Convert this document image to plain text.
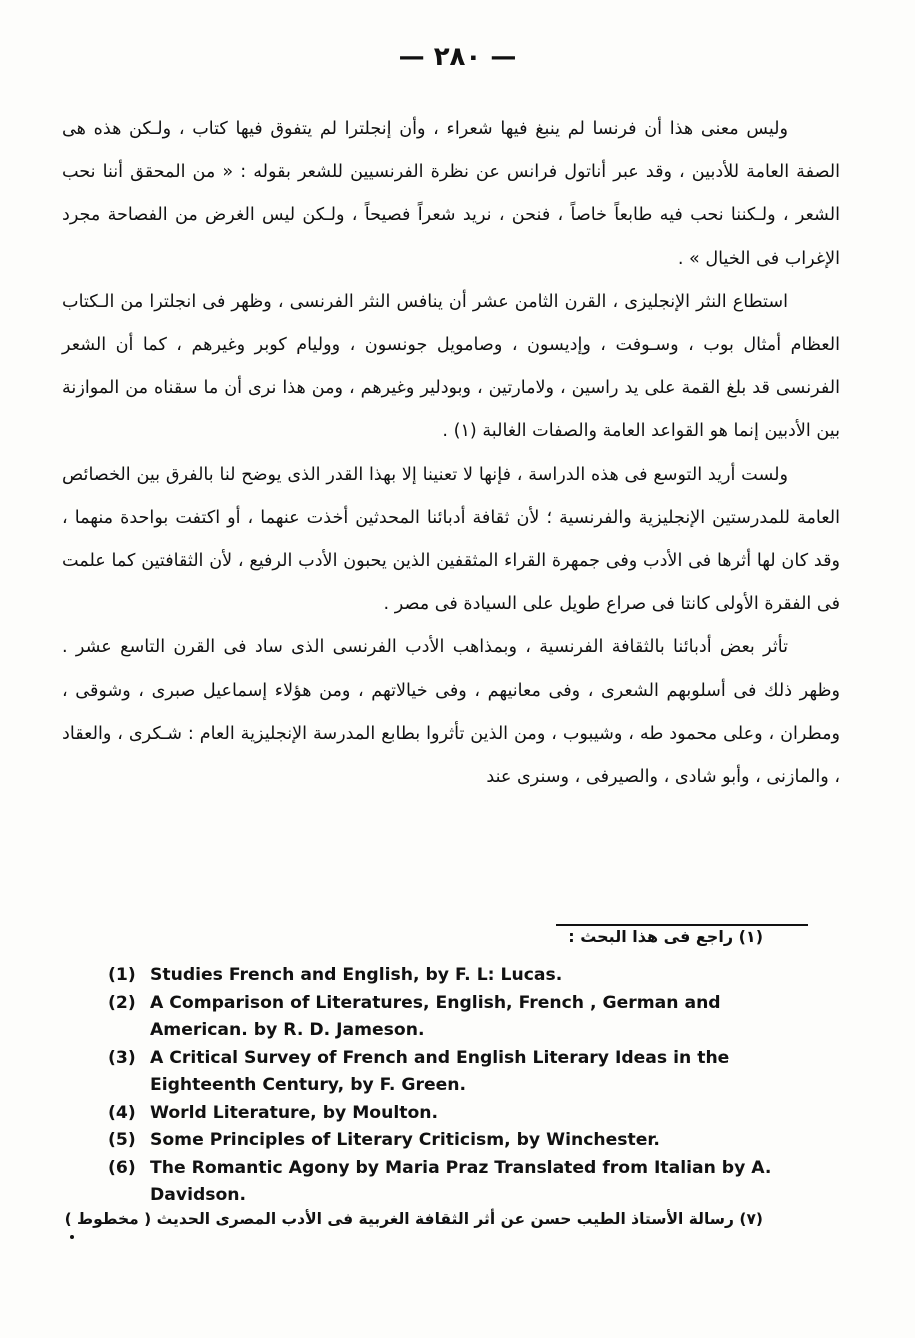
— ٢٨٠ —

وليس معنى هذا أن فرنسا لم ينبغ فيها شعراء ، وأن إنجلترا لم يتفوق فيها كتاب ، ولـكن هذه هى الصفة العامة للأدبين ، وقد عبر أناتول فرانس عن نظرة الفرنسيين للشعر بقوله : « من المحقق أننا نحب الشعر ، ولـكننا نحب فيه طابعاً خاصاً ، فنحن ، نريد شعراً فصيحاً ، ولـكن ليس الغرض من الفصاحة مجرد الإغراب فى الخيال » .

استطاع النثر الإنجليزى ، القرن الثامن عشر أن ينافس النثر الفرنسى ، وظهر فى انجلترا من الـكتاب العظام أمثال بوب ، وسـوفت ، وإديسون ، وصامويل جونسون ، ووليام كوبر وغيرهم ، كما أن الشعر الفرنسى قد بلغ القمة على يد راسين ، ولامارتين ، وبودلير وغيرهم ، ومن هذا نرى أن ما سقناه من الموازنة بين الأدبين إنما هو القواعد العامة والصفات الغالبة (١) .

ولست أريد التوسع فى هذه الدراسة ، فإنها لا تعنينا إلا بهذا القدر الذى يوضح لنا بالفرق بين الخصائص العامة للمدرستين الإنجليزية والفرنسية ؛ لأن ثقافة أدبائنا المحدثين أخذت عنهما ، أو اكتفت بواحدة منهما ، وقد كان لها أثرها فى الأدب وفى جمهرة القراء المثقفين الذين يحبون الأدب الرفيع ، لأن الثقافتين كما علمت فى الفقرة الأولى كانتا فى صراع طويل على السيادة فى مصر .

تأثر بعض أدبائنا بالثقافة الفرنسية ، وبمذاهب الأدب الفرنسى الذى ساد فى القرن التاسع عشر . وظهر ذلك فى أسلوبهم الشعرى ، وفى معانيهم ، وفى خيالاتهم ، ومن هؤلاء إسماعيل صبرى ، وشوقى ، ومطران ، وعلى محمود طه ، وشيبوب ، ومن الذين تأثروا بطابع المدرسة الإنجليزية العام : شـكرى ، والعقاد ، والمازنى ، وأبو شادى ، والصيرفى ، وسنرى عند

(١) راجع فى هذا البحث :
(1) Studies French and English, by F. L: Lucas.
(2) A Comparison of Literatures, English, French , German and American. by R. D. Jameson.
(3) A Critical Survey of French and English Literary Ideas in the Eighteenth Century, by F. Green.
(4) World Literature, by Moulton.
(5) Some Principles of Literary Criticism, by Winchester.
(6) The Romantic Agony by Maria Praz Translated from Italian by A. Davidson.
(٧) رسالة الأستاذ الطيب حسن عن أثر الثقافة الغربية فى الأدب المصرى الحديث ( مخطوط )
